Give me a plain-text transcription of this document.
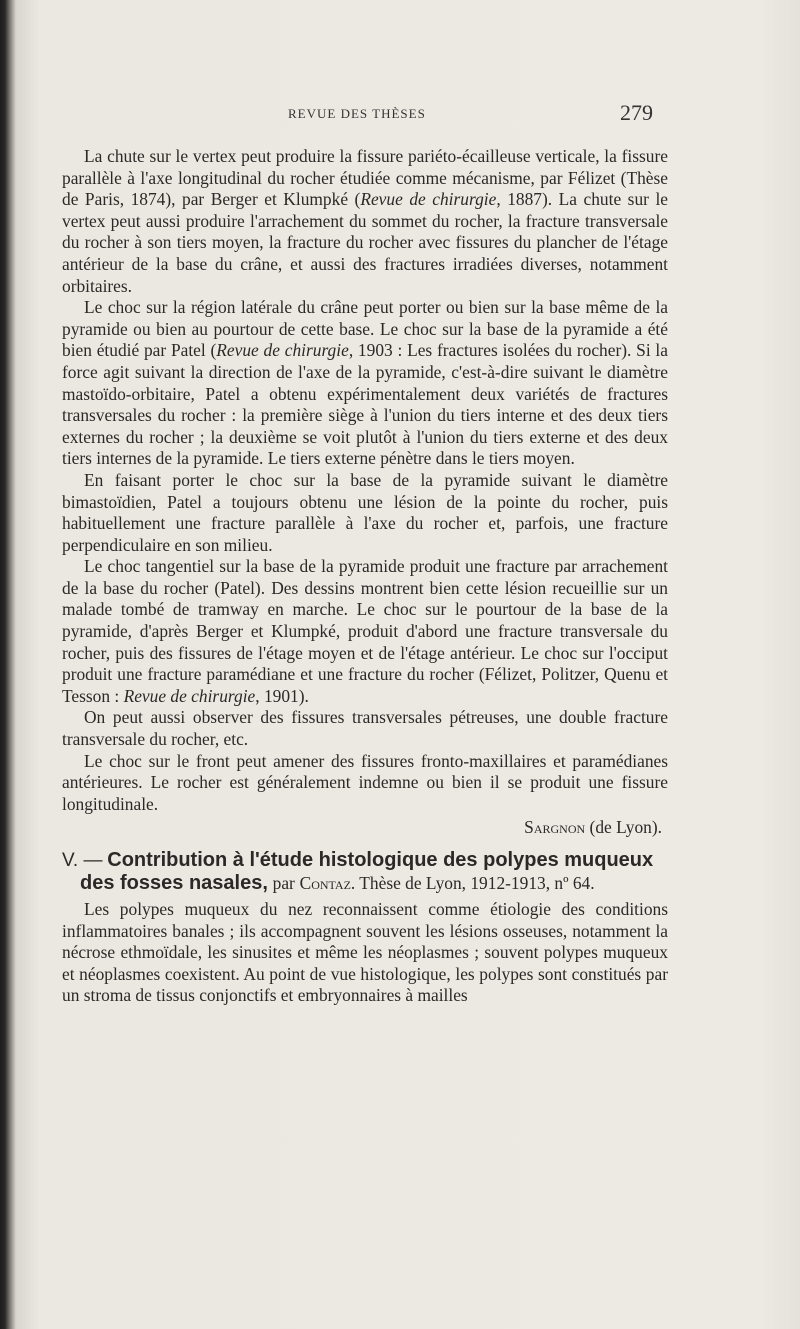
REVUE DES THÈSES	279

La chute sur le vertex peut produire la fissure pariéto-écailleuse verticale, la fissure parallèle à l'axe longitudinal du rocher étudiée comme mécanisme, par Félizet (Thèse de Paris, 1874), par Berger et Klumpké (Revue de chirurgie, 1887). La chute sur le vertex peut aussi produire l'arrachement du sommet du rocher, la fracture transversale du rocher à son tiers moyen, la fracture du rocher avec fissures du plancher de l'étage antérieur de la base du crâne, et aussi des fractures irradiées diverses, notamment orbitaires.

Le choc sur la région latérale du crâne peut porter ou bien sur la base même de la pyramide ou bien au pourtour de cette base. Le choc sur la base de la pyramide a été bien étudié par Patel (Revue de chirurgie, 1903 : Les fractures isolées du rocher). Si la force agit suivant la direction de l'axe de la pyramide, c'est-à-dire suivant le diamètre mastoïdo-orbitaire, Patel a obtenu expérimentalement deux variétés de fractures transversales du rocher : la première siège à l'union du tiers interne et des deux tiers externes du rocher ; la deuxième se voit plutôt à l'union du tiers externe et des deux tiers internes de la pyramide. Le tiers externe pénètre dans le tiers moyen.

En faisant porter le choc sur la base de la pyramide suivant le diamètre bimastoïdien, Patel a toujours obtenu une lésion de la pointe du rocher, puis habituellement une fracture parallèle à l'axe du rocher et, parfois, une fracture perpendiculaire en son milieu.

Le choc tangentiel sur la base de la pyramide produit une fracture par arrachement de la base du rocher (Patel). Des dessins montrent bien cette lésion recueillie sur un malade tombé de tramway en marche. Le choc sur le pourtour de la base de la pyramide, d'après Berger et Klumpké, produit d'abord une fracture transversale du rocher, puis des fissures de l'étage moyen et de l'étage antérieur. Le choc sur l'occiput produit une fracture paramédiane et une fracture du rocher (Félizet, Politzer, Quenu et Tesson : Revue de chirurgie, 1901).

On peut aussi observer des fissures transversales pétreuses, une double fracture transversale du rocher, etc.

Le choc sur le front peut amener des fissures fronto-maxillaires et paramédianes antérieures. Le rocher est généralement indemne ou bien il se produit une fissure longitudinale.

Sargnon (de Lyon).

V. — Contribution à l'étude histologique des polypes muqueux des fosses nasales, par Contaz. Thèse de Lyon, 1912-1913, nº 64.

Les polypes muqueux du nez reconnaissent comme étiologie des conditions inflammatoires banales ; ils accompagnent souvent les lésions osseuses, notamment la nécrose ethmoïdale, les sinusites et même les néoplasmes ; souvent polypes muqueux et néoplasmes coexistent. Au point de vue histologique, les polypes sont constitués par un stroma de tissus conjonctifs et embryonnaires à mailles
